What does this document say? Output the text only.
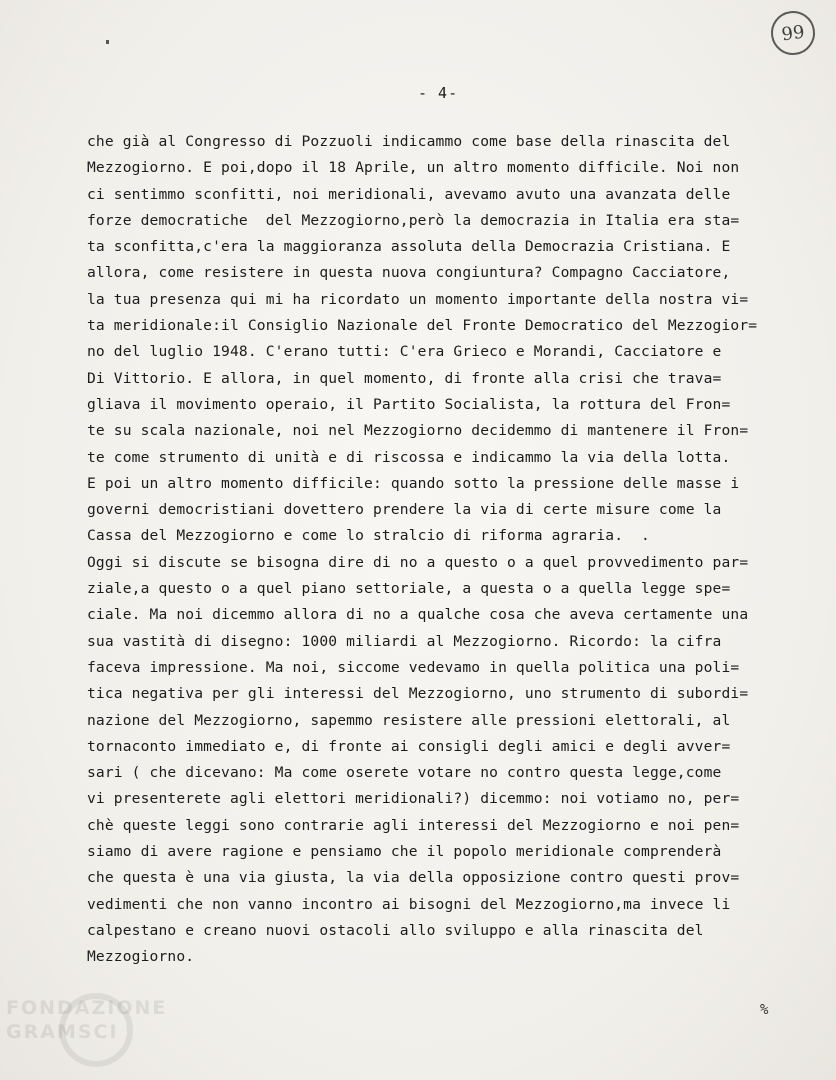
99
- 4-
che già al Congresso di Pozzuoli indicammo come base della rinascita del
Mezzogiorno. E poi,dopo il 18 Aprile, un altro momento difficile. Noi non
ci sentimmo sconfitti, noi meridionali, avevamo avuto una avanzata delle
forze democratiche  del Mezzogiorno,però la democrazia in Italia era sta=
ta sconfitta,c'era la maggioranza assoluta della Democrazia Cristiana. E
allora, come resistere in questa nuova congiuntura? Compagno Cacciatore,
la tua presenza qui mi ha ricordato un momento importante della nostra vi=
ta meridionale:il Consiglio Nazionale del Fronte Democratico del Mezzogior=
no del luglio 1948. C'erano tutti: C'era Grieco e Morandi, Cacciatore e
Di Vittorio. E allora, in quel momento, di fronte alla crisi che trava=
gliava il movimento operaio, il Partito Socialista, la rottura del Fron=
te su scala nazionale, noi nel Mezzogiorno decidemmo di mantenere il Fron=
te come strumento di unità e di riscossa e indicammo la via della lotta.
E poi un altro momento difficile: quando sotto la pressione delle masse i
governi democristiani dovettero prendere la via di certe misure come la
Cassa del Mezzogiorno e come lo stralcio di riforma agraria.  .
Oggi si discute se bisogna dire di no a questo o a quel provvedimento par=
ziale,a questo o a quel piano settoriale, a questa o a quella legge spe=
ciale. Ma noi dicemmo allora di no a qualche cosa che aveva certamente una
sua vastità di disegno: 1000 miliardi al Mezzogiorno. Ricordo: la cifra
faceva impressione. Ma noi, siccome vedevamo in quella politica una poli=
tica negativa per gli interessi del Mezzogiorno, uno strumento di subordi=
nazione del Mezzogiorno, sapemmo resistere alle pressioni elettorali, al
tornaconto immediato e, di fronte ai consigli degli amici e degli avver=
sari ( che dicevano: Ma come oserete votare no contro questa legge,come
vi presenterete agli elettori meridionali?) dicemmo: noi votiamo no, per=
chè queste leggi sono contrarie agli interessi del Mezzogiorno e noi pen=
siamo di avere ragione e pensiamo che il popolo meridionale comprenderà
che questa è una via giusta, la via della opposizione contro questi prov=
vedimenti che non vanno incontro ai bisogni del Mezzogiorno,ma invece li
calpestano e creano nuovi ostacoli allo sviluppo e alla rinascita del
Mezzogiorno.
%
FONDAZIONE GRAMSCI
